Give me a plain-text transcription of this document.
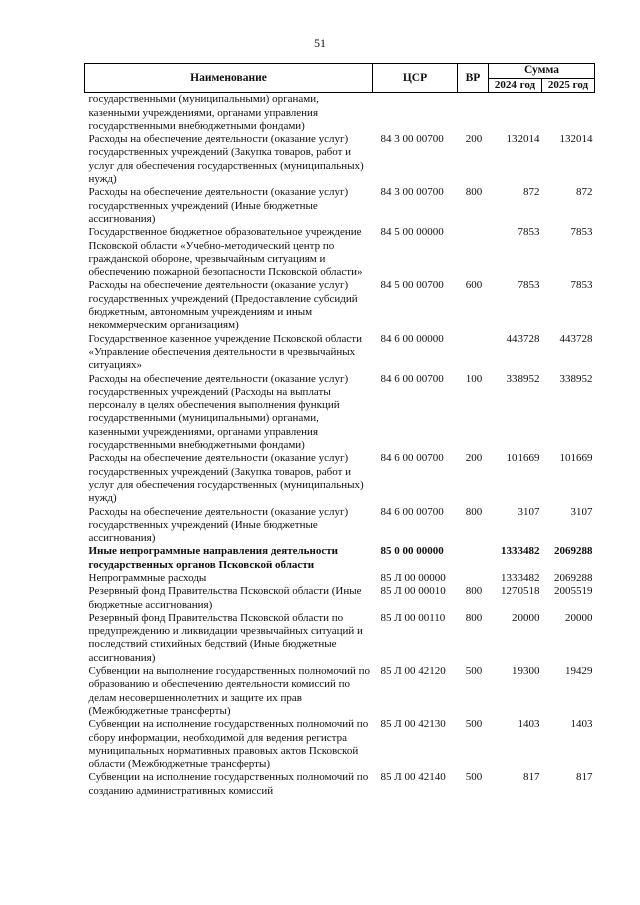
51
Наименование	ЦСР	ВР	Сумма	
			2024 год	2025 год
государственными (муниципальными) органами, казенными учреждениями, органами управления государственными внебюджетными фондами)				
Расходы на обеспечение деятельности (оказание услуг) государственных учреждений (Закупка товаров, работ и услуг для обеспечения государственных (муниципальных) нужд)	84 3 00 00700	200	132014	132014
Расходы на обеспечение деятельности (оказание услуг) государственных учреждений (Иные бюджетные ассигнования)	84 3 00 00700	800	872	872
Государственное бюджетное образовательное учреждение Псковской области «Учебно-методический центр по гражданской обороне, чрезвычайным ситуациям и обеспечению пожарной безопасности Псковской области»	84 5 00 00000		7853	7853
Расходы на обеспечение деятельности (оказание услуг) государственных учреждений (Предоставление субсидий бюджетным, автономным учреждениям и иным некоммерческим организациям)	84 5 00 00700	600	7853	7853
Государственное казенное учреждение Псковской области «Управление обеспечения деятельности в чрезвычайных ситуациях»	84 6 00 00000		443728	443728
Расходы на обеспечение деятельности (оказание услуг) государственных учреждений (Расходы на выплаты персоналу в целях обеспечения выполнения функций государственными (муниципальными) органами, казенными учреждениями, органами управления государственными внебюджетными фондами)	84 6 00 00700	100	338952	338952
Расходы на обеспечение деятельности (оказание услуг) государственных учреждений (Закупка товаров, работ и услуг для обеспечения государственных (муниципальных) нужд)	84 6 00 00700	200	101669	101669
Расходы на обеспечение деятельности (оказание услуг) государственных учреждений (Иные бюджетные ассигнования)	84 6 00 00700	800	3107	3107
Иные непрограммные направления деятельности государственных органов Псковской области	85 0 00 00000		1333482	2069288
Непрограммные расходы	85 Л 00 00000		1333482	2069288
Резервный фонд Правительства Псковской области (Иные бюджетные ассигнования)	85 Л 00 00010	800	1270518	2005519
Резервный фонд Правительства Псковской области по предупреждению и ликвидации чрезвычайных ситуаций и последствий стихийных бедствий (Иные бюджетные ассигнования)	85 Л 00 00110	800	20000	20000
Субвенции на выполнение государственных полномочий по образованию и обеспечению деятельности комиссий по делам несовершеннолетних и защите их прав (Межбюджетные трансферты)	85 Л 00 42120	500	19300	19429
Субвенции на исполнение государственных полномочий по сбору информации, необходимой для ведения регистра муниципальных нормативных правовых актов Псковской области (Межбюджетные трансферты)	85 Л 00 42130	500	1403	1403
Субвенции на исполнение государственных полномочий по созданию административных комиссий	85 Л 00 42140	500	817	817
